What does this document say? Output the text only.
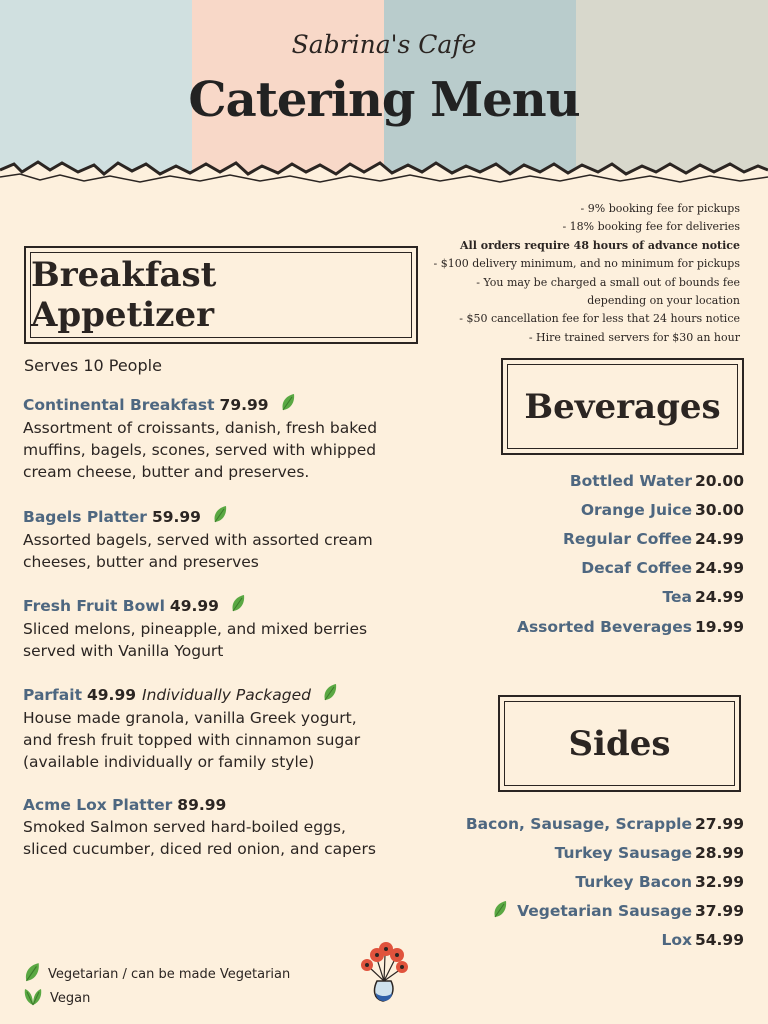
Sabrina's Cafe
Catering Menu
- 9% booking fee for pickups
- 18% booking fee for deliveries
All orders require 48 hours of advance notice
- $100 delivery minimum, and no minimum for pickups
- You may be charged a small out of bounds fee
depending on your location
- $50 cancellation fee for less that 24 hours notice
- Hire trained servers for $30 an hour
Breakfast Appetizer
Serves 10 People
Continental Breakfast 79.99
Assortment of croissants, danish, fresh baked muffins, bagels, scones, served with whipped cream cheese, butter and preserves.
Bagels Platter 59.99
Assorted bagels, served with assorted cream cheeses, butter and preserves
Fresh Fruit Bowl 49.99
Sliced melons, pineapple, and mixed berries served with Vanilla Yogurt
Parfait 49.99 Individually Packaged
House made granola, vanilla Greek yogurt, and fresh fruit topped with cinnamon sugar (available individually or family style)
Acme Lox Platter 89.99
Smoked Salmon served hard-boiled eggs, sliced cucumber, diced red onion, and capers
Beverages
Bottled Water 20.00
Orange Juice 30.00
Regular Coffee 24.99
Decaf Coffee 24.99
Tea 24.99
Assorted Beverages 19.99
Sides
Bacon, Sausage, Scrapple 27.99
Turkey Sausage 28.99
Turkey Bacon 32.99
Vegetarian Sausage 37.99
Lox 54.99
Vegetarian / can be made Vegetarian
Vegan
